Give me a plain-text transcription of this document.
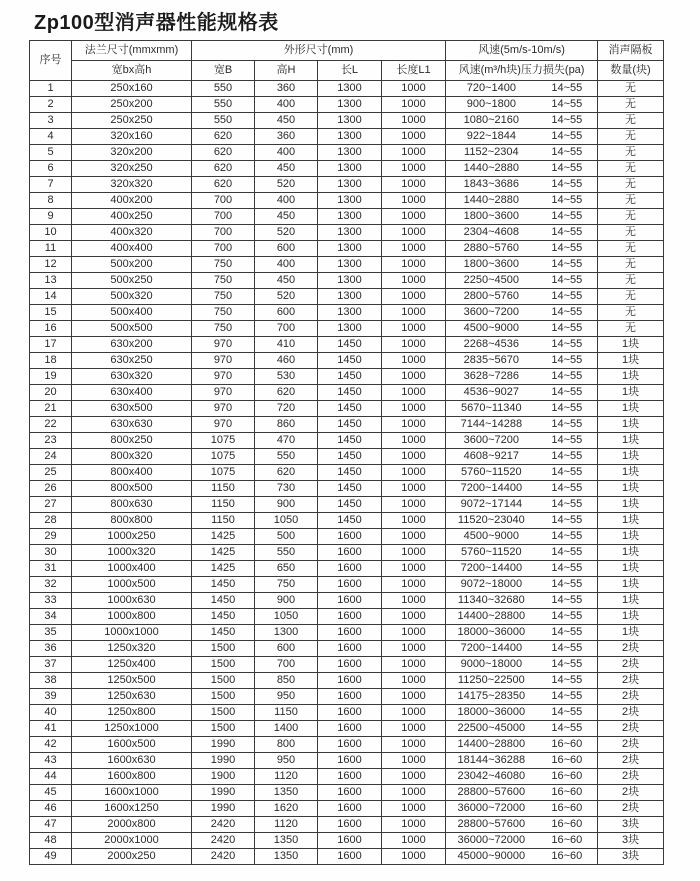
Zp100型消声器性能规格表
序号	法兰尺寸(mmxmm)	外形尺寸(mm)				风速(5m/s-10m/s)	消声隔板
	宽bx高h	宽B	高H	长L	长度L1	风速(m³/h块)压力损失(pa)	数量(块)
1	250x160	550	360	1300	1000	720~1400 14~55	无
2	250x200	550	400	1300	1000	900~1800 14~55	无
3	250x250	550	450	1300	1000	1080~2160 14~55	无
4	320x160	620	360	1300	1000	922~1844 14~55	无
5	320x200	620	400	1300	1000	1152~2304 14~55	无
6	320x250	620	450	1300	1000	1440~2880 14~55	无
7	320x320	620	520	1300	1000	1843~3686 14~55	无
8	400x200	700	400	1300	1000	1440~2880 14~55	无
9	400x250	700	450	1300	1000	1800~3600 14~55	无
10	400x320	700	520	1300	1000	2304~4608 14~55	无
11	400x400	700	600	1300	1000	2880~5760 14~55	无
12	500x200	750	400	1300	1000	1800~3600 14~55	无
13	500x250	750	450	1300	1000	2250~4500 14~55	无
14	500x320	750	520	1300	1000	2800~5760 14~55	无
15	500x400	750	600	1300	1000	3600~7200 14~55	无
16	500x500	750	700	1300	1000	4500~9000 14~55	无
17	630x200	970	410	1450	1000	2268~4536 14~55	1块
18	630x250	970	460	1450	1000	2835~5670 14~55	1块
19	630x320	970	530	1450	1000	3628~7286 14~55	1块
20	630x400	970	620	1450	1000	4536~9027 14~55	1块
21	630x500	970	720	1450	1000	5670~11340 14~55	1块
22	630x630	970	860	1450	1000	7144~14288 14~55	1块
23	800x250	1075	470	1450	1000	3600~7200 14~55	1块
24	800x320	1075	550	1450	1000	4608~9217 14~55	1块
25	800x400	1075	620	1450	1000	5760~11520 14~55	1块
26	800x500	1150	730	1450	1000	7200~14400 14~55	1块
27	800x630	1150	900	1450	1000	9072~17144 14~55	1块
28	800x800	1150	1050	1450	1000	11520~23040 14~55	1块
29	1000x250	1425	500	1600	1000	4500~9000 14~55	1块
30	1000x320	1425	550	1600	1000	5760~11520 14~55	1块
31	1000x400	1425	650	1600	1000	7200~14400 14~55	1块
32	1000x500	1450	750	1600	1000	9072~18000 14~55	1块
33	1000x630	1450	900	1600	1000	11340~32680 14~55	1块
34	1000x800	1450	1050	1600	1000	14400~28800 14~55	1块
35	1000x1000	1450	1300	1600	1000	18000~36000 14~55	1块
36	1250x320	1500	600	1600	1000	7200~14400 14~55	2块
37	1250x400	1500	700	1600	1000	9000~18000 14~55	2块
38	1250x500	1500	850	1600	1000	11250~22500 14~55	2块
39	1250x630	1500	950	1600	1000	14175~28350 14~55	2块
40	1250x800	1500	1150	1600	1000	18000~36000 14~55	2块
41	1250x1000	1500	1400	1600	1000	22500~45000 14~55	2块
42	1600x500	1990	800	1600	1000	14400~28800 16~60	2块
43	1600x630	1990	950	1600	1000	18144~36288 16~60	2块
44	1600x800	1900	1120	1600	1000	23042~46080 16~60	2块
45	1600x1000	1990	1350	1600	1000	28800~57600 16~60	2块
46	1600x1250	1990	1620	1600	1000	36000~72000 16~60	2块
47	2000x800	2420	1120	1600	1000	28800~57600 16~60	3块
48	2000x1000	2420	1350	1600	1000	36000~72000 16~60	3块
49	2000x250	2420	1350	1600	1000	45000~90000 16~60	3块
